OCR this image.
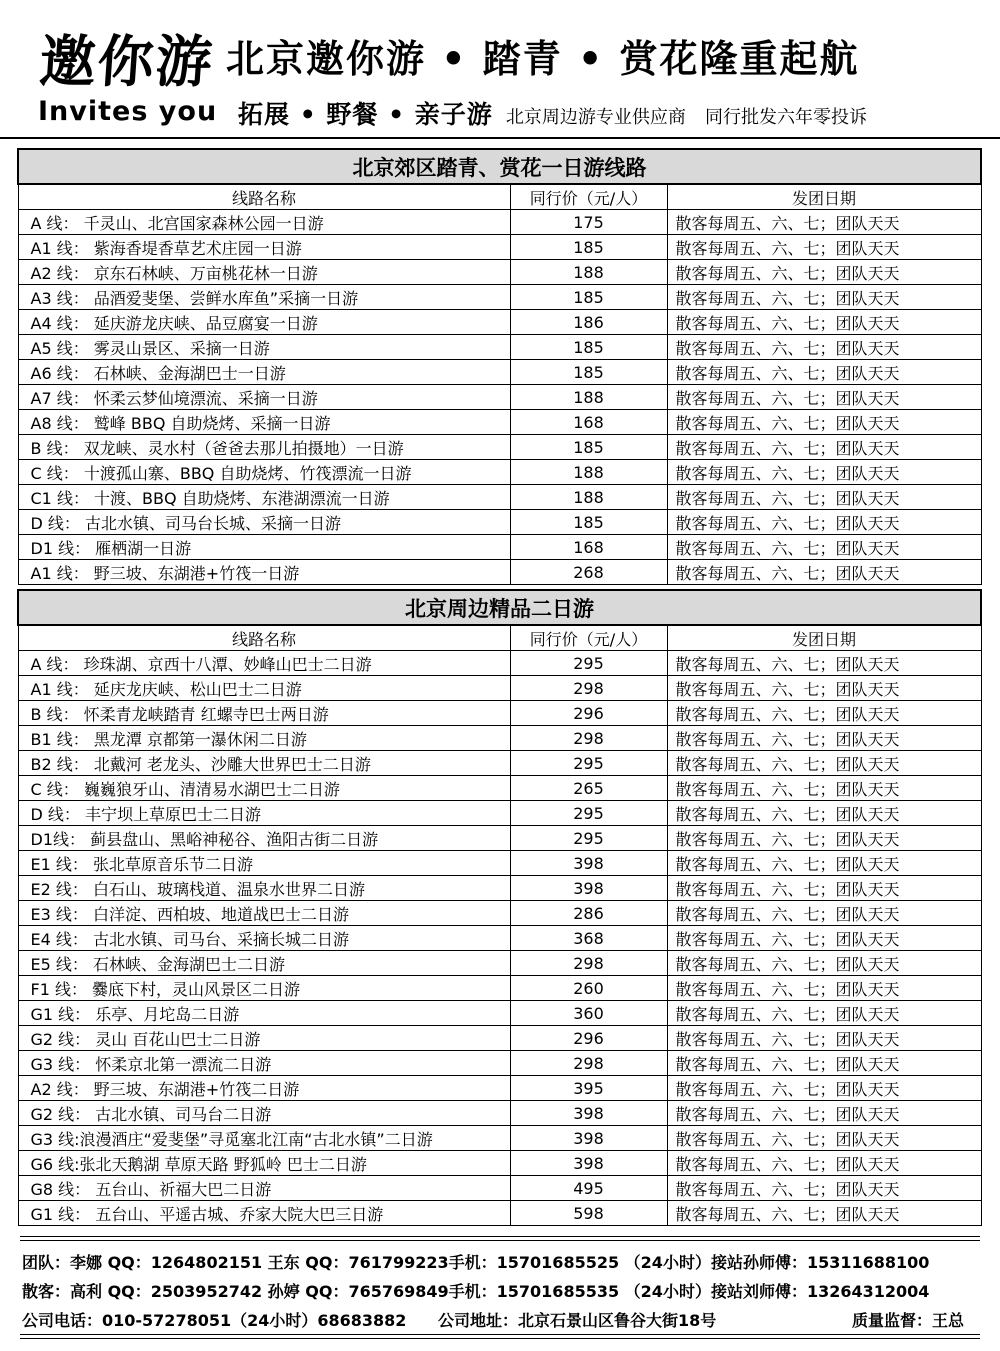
邀你游
Invites you
北京邀你游 • 踏青 • 赏花隆重起航
拓展 • 野餐 • 亲子游 北京周边游专业供应商 同行批发六年零投诉
北京郊区踏青、赏花一日游线路		
线路名称	同行价（元/人）	发团日期
A 线： 千灵山、北宫国家森林公园一日游	175	散客每周五、六、七；团队天天
A1 线： 紫海香堤香草艺术庄园一日游	185	散客每周五、六、七；团队天天
A2 线： 京东石林峡、万亩桃花林一日游	188	散客每周五、六、七；团队天天
A3 线： 品酒爱斐堡、尝鲜水库鱼”采摘一日游	185	散客每周五、六、七；团队天天
A4 线： 延庆游龙庆峡、品豆腐宴一日游	186	散客每周五、六、七；团队天天
A5 线： 雾灵山景区、采摘一日游	185	散客每周五、六、七；团队天天
A6 线： 石林峡、金海湖巴士一日游	185	散客每周五、六、七；团队天天
A7 线： 怀柔云梦仙境漂流、采摘一日游	188	散客每周五、六、七；团队天天
A8 线： 鹫峰 BBQ 自助烧烤、采摘一日游	168	散客每周五、六、七；团队天天
B 线： 双龙峡、灵水村（爸爸去那儿拍摄地）一日游	185	散客每周五、六、七；团队天天
C 线： 十渡孤山寨、BBQ 自助烧烤、竹筏漂流一日游	188	散客每周五、六、七；团队天天
C1 线： 十渡、BBQ 自助烧烤、东港湖漂流一日游	188	散客每周五、六、七；团队天天
D 线： 古北水镇、司马台长城、采摘一日游	185	散客每周五、六、七；团队天天
D1 线： 雁栖湖一日游	168	散客每周五、六、七；团队天天
A1 线： 野三坡、东湖港+竹筏一日游	268	散客每周五、六、七；团队天天
北京周边精品二日游		
线路名称	同行价（元/人）	发团日期
A 线： 珍珠湖、京西十八潭、妙峰山巴士二日游	295	散客每周五、六、七；团队天天
A1 线： 延庆龙庆峡、松山巴士二日游	298	散客每周五、六、七；团队天天
B 线： 怀柔青龙峡踏青 红螺寺巴士两日游	296	散客每周五、六、七；团队天天
B1 线： 黑龙潭 京都第一瀑休闲二日游	298	散客每周五、六、七；团队天天
B2 线： 北戴河 老龙头、沙雕大世界巴士二日游	295	散客每周五、六、七；团队天天
C 线： 巍巍狼牙山、清清易水湖巴士二日游	265	散客每周五、六、七；团队天天
D 线： 丰宁坝上草原巴士二日游	295	散客每周五、六、七；团队天天
D1线： 蓟县盘山、黑峪神秘谷、渔阳古街二日游	295	散客每周五、六、七；团队天天
E1 线： 张北草原音乐节二日游	398	散客每周五、六、七；团队天天
E2 线： 白石山、玻璃栈道、温泉水世界二日游	398	散客每周五、六、七；团队天天
E3 线： 白洋淀、西柏坡、地道战巴士二日游	286	散客每周五、六、七；团队天天
E4 线： 古北水镇、司马台、采摘长城二日游	368	散客每周五、六、七；团队天天
E5 线： 石林峡、金海湖巴士二日游	298	散客每周五、六、七；团队天天
F1 线： 爨底下村，灵山风景区二日游	260	散客每周五、六、七；团队天天
G1 线： 乐亭、月坨岛二日游	360	散客每周五、六、七；团队天天
G2 线： 灵山 百花山巴士二日游	296	散客每周五、六、七；团队天天
G3 线： 怀柔京北第一漂流二日游	298	散客每周五、六、七；团队天天
A2 线： 野三坡、东湖港+竹筏二日游	395	散客每周五、六、七；团队天天
G2 线： 古北水镇、司马台二日游	398	散客每周五、六、七；团队天天
G3 线:浪漫酒庄“爱斐堡”寻觅塞北江南“古北水镇”二日游	398	散客每周五、六、七；团队天天
G6 线:张北天鹅湖 草原天路 野狐岭 巴士二日游	398	散客每周五、六、七；团队天天
G8 线： 五台山、祈福大巴二日游	495	散客每周五、六、七；团队天天
G1 线： 五台山、平遥古城、乔家大院大巴三日游	598	散客每周五、六、七；团队天天
团队：李娜 QQ：1264802151 王东 QQ：761799223手机：15701685525 （24小时）接站孙师傅：15311688100
散客：高利 QQ：2503952742 孙婷 QQ：765769849手机：15701685535 （24小时）接站刘师傅：13264312004
公司电话：010-57278051（24小时）68683882 公司地址：北京石景山区鲁谷大街18号	质量监督：王总
